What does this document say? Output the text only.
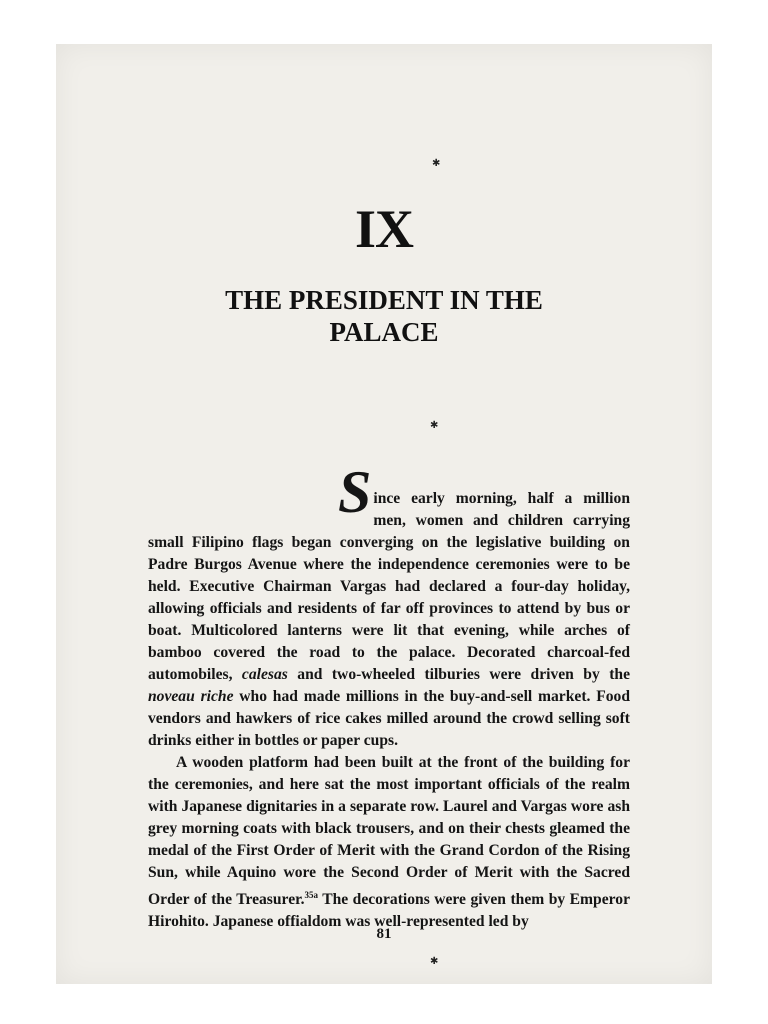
IX
THE PRESIDENT IN THE
PALACE

Since early morning, half a million men, women and children carrying small Filipino flags began converging on the legislative building on Padre Burgos Avenue where the independence ceremonies were to be held. Executive Chairman Vargas had declared a four-day holiday, allowing officials and residents of far off provinces to attend by bus or boat. Multicolored lanterns were lit that evening, while arches of bamboo covered the road to the palace. Decorated charcoal-fed automobiles, calesas and two-wheeled tilburies were driven by the noveau riche who had made millions in the buy-and-sell market. Food vendors and hawkers of rice cakes milled around the crowd selling soft drinks either in bottles or paper cups.

A wooden platform had been built at the front of the building for the ceremonies, and here sat the most important officials of the realm with Japanese dignitaries in a separate row. Laurel and Vargas wore ash grey morning coats with black trousers, and on their chests gleamed the medal of the First Order of Merit with the Grand Cordon of the Rising Sun, while Aquino wore the Second Order of Merit with the Sacred Order of the Treasurer.$^{35a}$ The decorations were given them by Emperor Hirohito. Japanese offialdom was well-represented led by

81
✱
✱
✱
